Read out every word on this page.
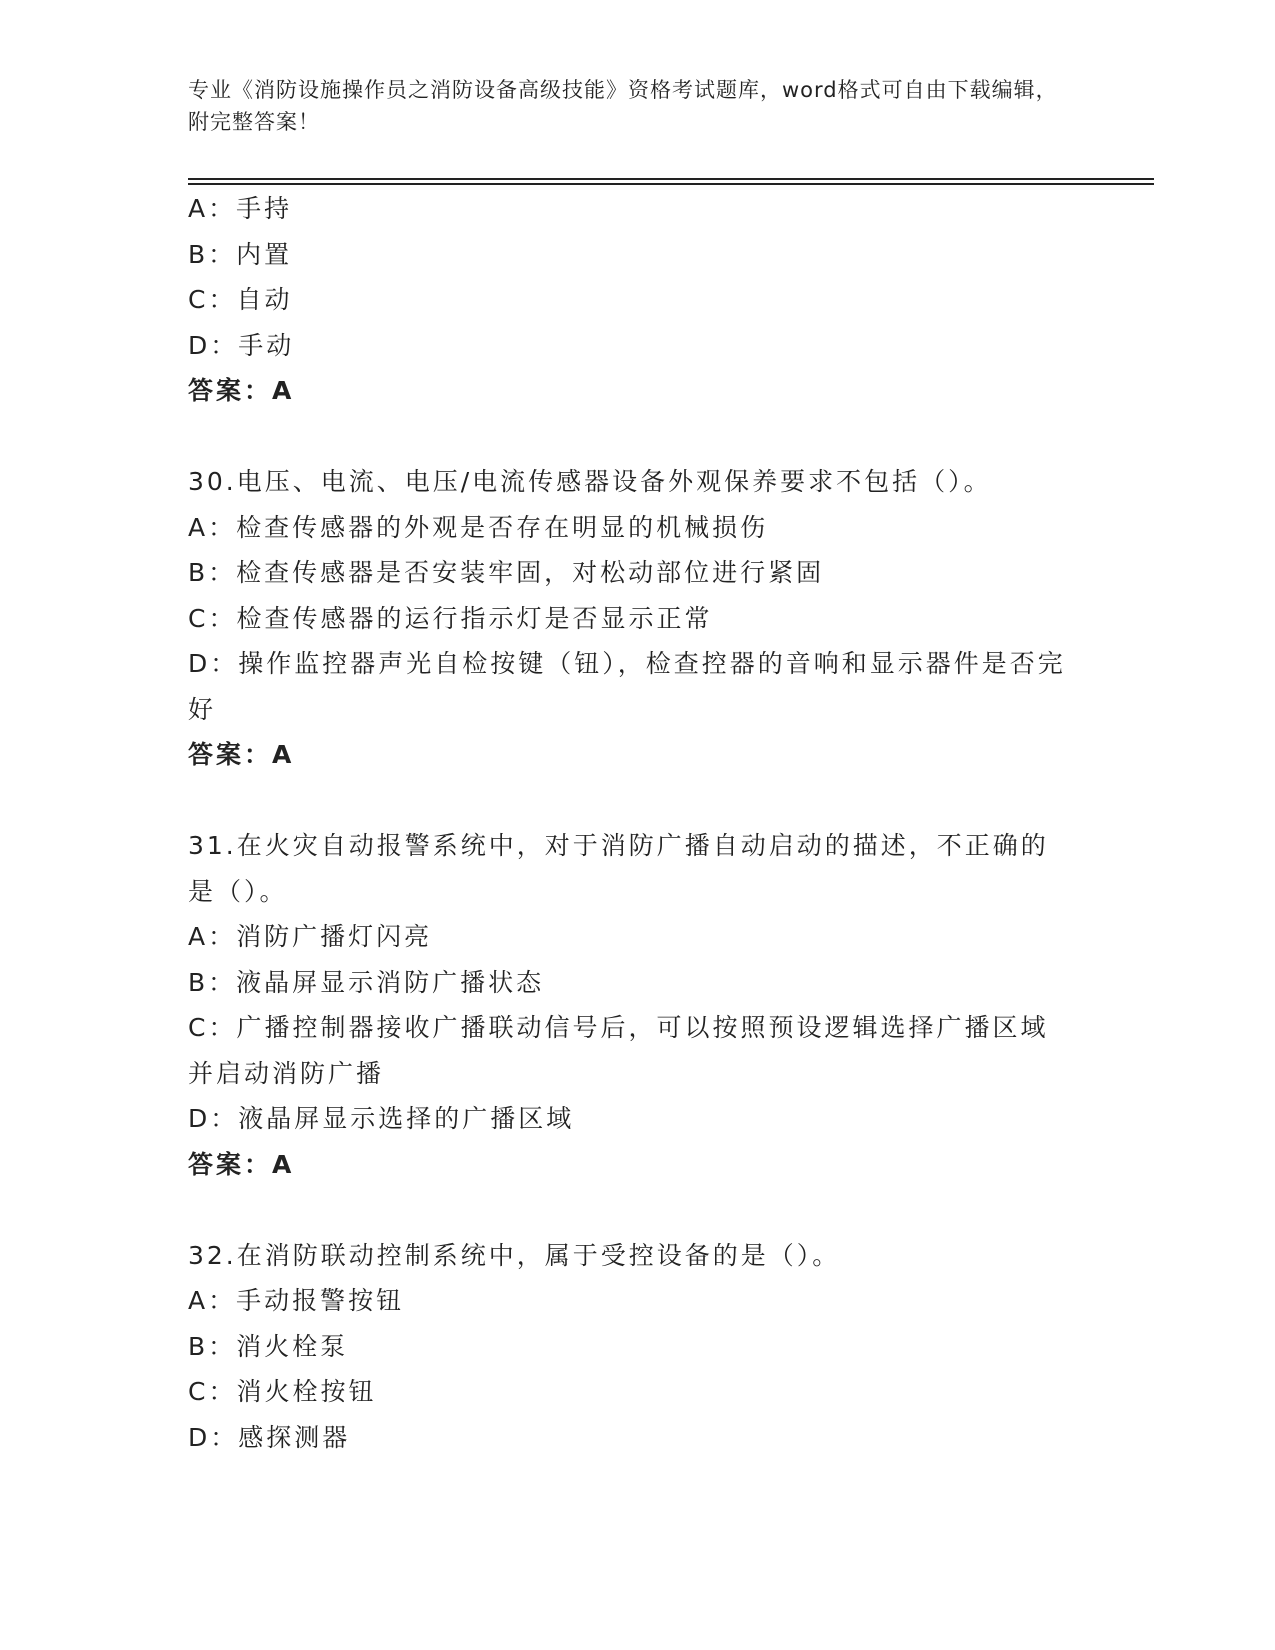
专业《消防设施操作员之消防设备高级技能》资格考试题库，word格式可自由下载编辑，附完整答案！
A：手持
B：内置
C：自动
D：手动
答案：A
30.电压、电流、电压/电流传感器设备外观保养要求不包括（）。
A：检查传感器的外观是否存在明显的机械损伤
B：检查传感器是否安装牢固，对松动部位进行紧固
C：检查传感器的运行指示灯是否显示正常
D：操作监控器声光自检按键（钮），检查控器的音响和显示器件是否完好
答案：A
31.在火灾自动报警系统中，对于消防广播自动启动的描述，不正确的是（）。
A：消防广播灯闪亮
B：液晶屏显示消防广播状态
C：广播控制器接收广播联动信号后，可以按照预设逻辑选择广播区域并启动消防广播
D：液晶屏显示选择的广播区域
答案：A
32.在消防联动控制系统中，属于受控设备的是（）。
A：手动报警按钮
B：消火栓泵
C：消火栓按钮
D：感探测器
